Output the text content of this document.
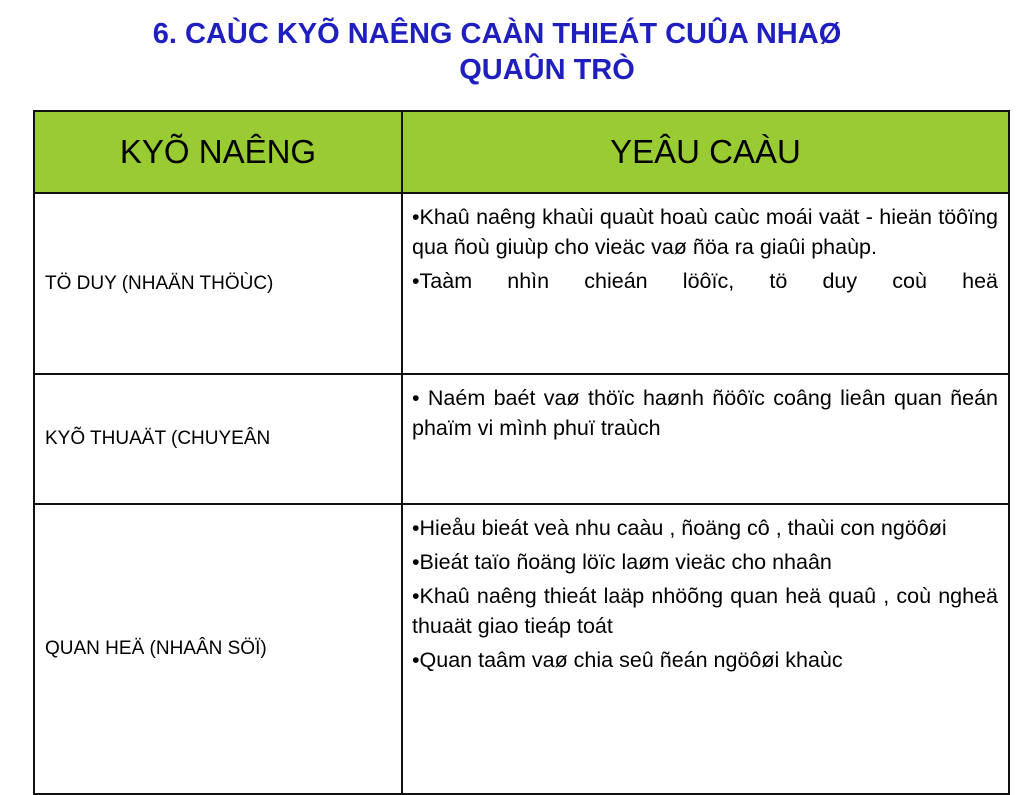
6. CAÙC KYÕ NAÊNG CAÀN THIEÁT CUÛA NHAØ
QUAÛN TRÒ
KYÕ NAÊNG	YEÂU CAÀU
TÖ DUY (NHAÄN THÖÙC)	•Khaû naêng khaùi quaùt hoaù caùc moái vaät - hieän töôïng qua ñoù giuùp cho vieäc vaø ñöa ra giaûi phaùp.
•Taàm nhìn chieán löôïc, tö duy coù heä

KYÕ THUAÄT (CHUYEÂN	• Naém baét vaø thöïc haønh ñöôïc coâng lieân quan ñeán phaïm vi mình phuï traùch

QUAN HEÄ (NHAÂN SÖÏ)	•Hieåu bieát veà nhu caàu , ñoäng cô , thaùi con ngöôøi
•Bieát taïo ñoäng löïc laøm vieäc cho nhaân
•Khaû naêng thieát laäp nhöõng quan heä quaû , coù ngheä thuaät giao tieáp toát
•Quan taâm vaø chia seû ñeán ngöôøi khaùc
